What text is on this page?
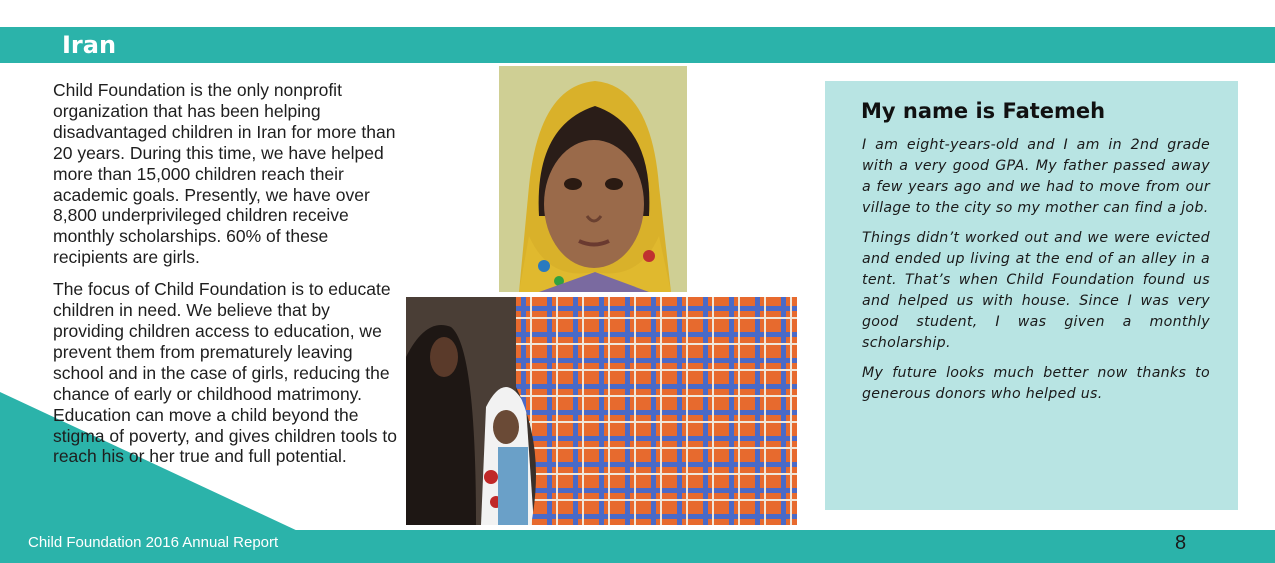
Iran

Child Foundation is the only nonprofit organization that has been helping disadvantaged children in Iran for more than 20 years. During this time, we have helped more than 15,000 children reach their academic goals. Presently, we have over 8,800 underprivileged children receive monthly scholarships. 60% of these recipients are girls.

The focus of Child Foundation is to educate children in need. We believe that by providing children access to education, we prevent them from prematurely leaving school and in the case of girls, reducing the chance of early or childhood matrimony. Education can move a child beyond the stigma of poverty, and gives children tools to reach his or her true and full potential.

My name is Fatemeh

I am eight-years-old and I am in 2nd grade with a very good GPA. My father passed away a few years ago and we had to move from our village to the city so my mother can find a job.

Things didn’t worked out and we were evicted and ended up living at the end of an alley in a tent. That’s when Child Foundation found us and helped us with house. Since I was very good student, I was given a monthly scholarship.

My future looks much better now thanks to generous donors who helped us.

Child Foundation 2016 Annual Report	8
